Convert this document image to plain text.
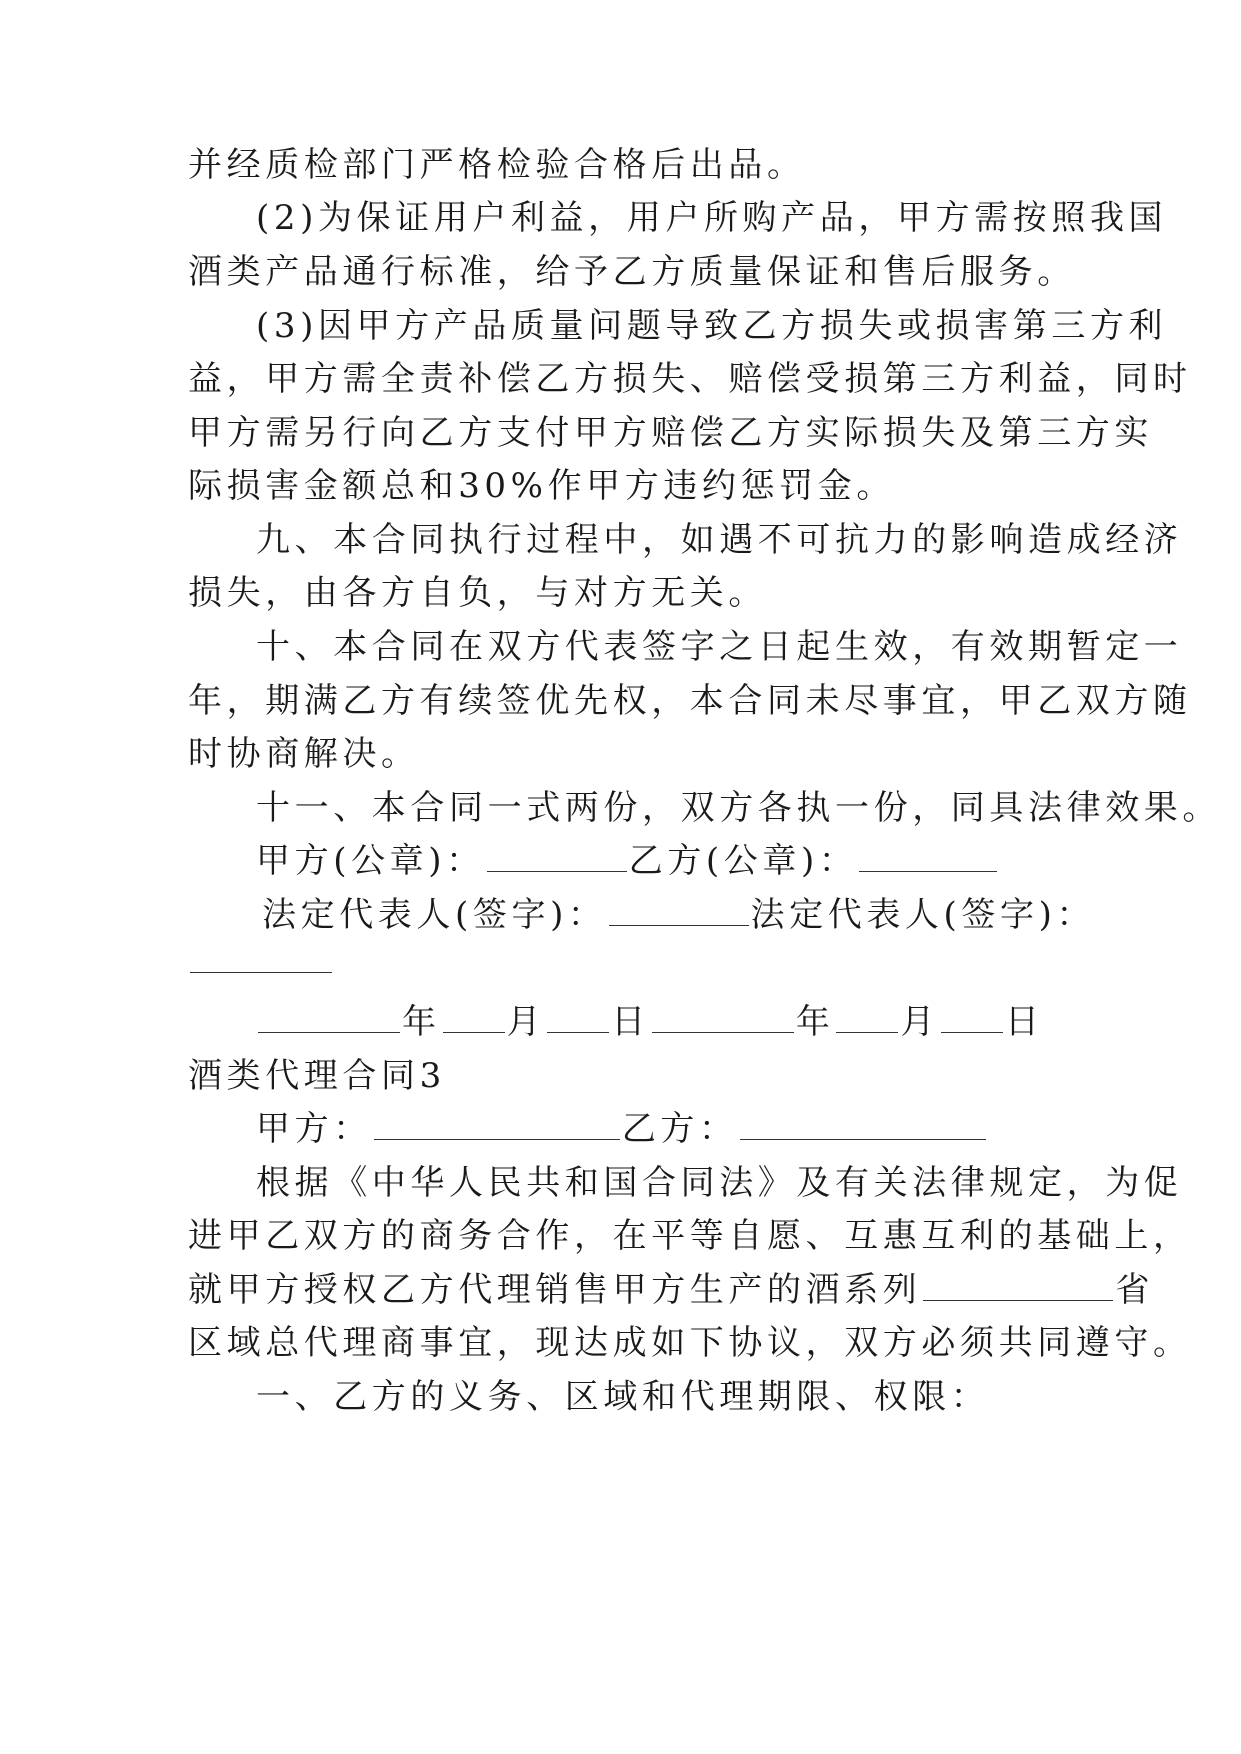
并经质检部门严格检验合格后出品。
(2)为保证用户利益，用户所购产品，甲方需按照我国
酒类产品通行标准，给予乙方质量保证和售后服务。
(3)因甲方产品质量问题导致乙方损失或损害第三方利
益，甲方需全责补偿乙方损失、赔偿受损第三方利益，同时
甲方需另行向乙方支付甲方赔偿乙方实际损失及第三方实
际损害金额总和30%作甲方违约惩罚金。
九、本合同执行过程中，如遇不可抗力的影响造成经济
损失，由各方自负，与对方无关。
十、本合同在双方代表签字之日起生效，有效期暂定一
年，期满乙方有续签优先权，本合同未尽事宜，甲乙双方随
时协商解决。
十一、本合同一式两份，双方各执一份，同具法律效果。
甲方(公章)：	乙方(公章)：
法定代表人(签字)：	法定代表人(签字)：
年 月 日	年 月 日
酒类代理合同3
甲方：	乙方：
根据《中华人民共和国合同法》及有关法律规定，为促
进甲乙双方的商务合作，在平等自愿、互惠互利的基础上，
就甲方授权乙方代理销售甲方生产的酒系列	省
区域总代理商事宜，现达成如下协议，双方必须共同遵守。
一、乙方的义务、区域和代理期限、权限：
